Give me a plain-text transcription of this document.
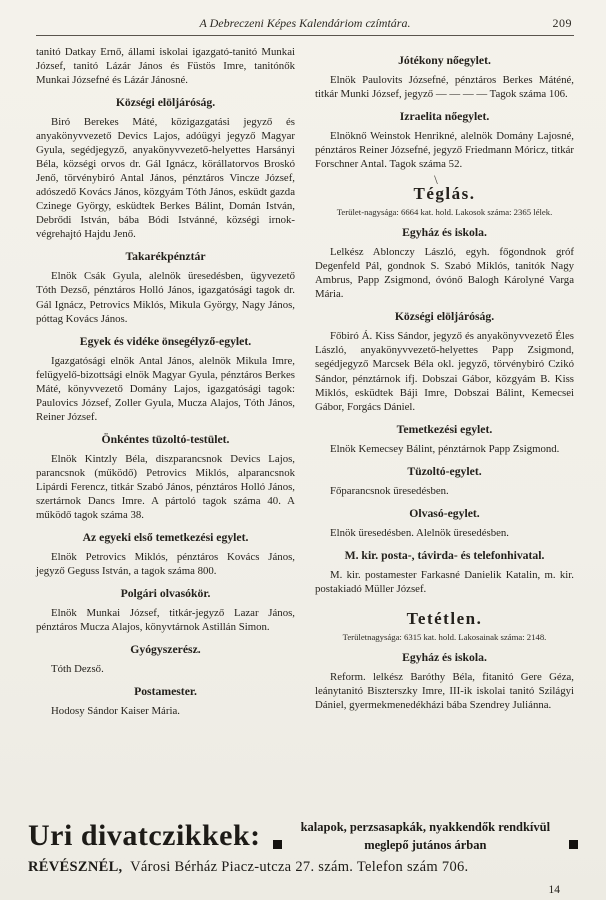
A Debreczeni Képes Kalendáriom czímtára.	209

tanitó Datkay Ernő, állami iskolai igazgató-tanitó Munkai József, tanitó Lázár János és Füstös Imre, tanitónők Munkai Józsefné és Lázár Jánosné.

Községi elöljáróság.

Biró Berekes Máté, közigazgatási jegyző és anyakönyvvezető Devics Lajos, adóügyi jegyző Magyar Gyula, segédjegyző, anyakönyvvezető-helyettes Harsányi Béla, községi orvos dr. Gál Ignácz, körállatorvos Broskó Jenő, törvénybiró Antal János, pénztáros Vincze József, adószedő Kovács János, közgyám Tóth János, esküdt gazda Czinege György, esküdtek Berkes Bálint, Domán István, Debrődi István, bába Bódi Istvánné, községi irnok-végrehajtó Hajdu Jenő.

Takarékpénztár

Elnök Csák Gyula, alelnök üresedésben, ügyvezető Tóth Dezső, pénztáros Holló János, igazgatósági tagok dr. Gál Ignácz, Petrovics Miklós, Mikula György, Nagy János, póttag Kovács János.

Egyek és vidéke önsegélyző-egylet.

Igazgatósági elnök Antal János, alelnök Mikula Imre, felügyelő-bizottsági elnök Magyar Gyula, pénztáros Berkes Máté, könyvvezető Domány Lajos, igazgatósági tagok: Paulovics József, Zoller Gyula, Mucza Alajos, Tóth János, Reiner József.

Önkéntes tüzoltó-testület.

Elnök Kintzly Béla, diszparancsnok Devics Lajos, parancsnok (működő) Petrovics Miklós, alparancsnok Lipárdi Ferencz, titkár Szabó János, pénztáros Holló János, szertárnok Dancs Imre. A pártoló tagok száma 40. A működő tagok száma 38.

Az egyeki első temetkezési egylet.

Elnök Petrovics Miklós, pénztáros Kovács János, jegyző Geguss István, a tagok száma 800.

Polgári olvasókör.

Elnök Munkai József, titkár-jegyző Lazar János, pénztáros Mucza Alajos, könyvtárnok Astillán Simon.

Gyógyszerész.

Tóth Dezső.

Postamester.

Hodosy Sándor Kaiser Mária.

Jótékony nőegylet.

Elnök Paulovits Józsefné, pénztáros Berkes Máténé, titkár Munki József, jegyző — — — — Tagok száma 106.

Izraelita nőegylet.

Elnöknő Weinstok Henrikné, alelnök Domány Lajosné, pénztáros Reiner Józsefné, jegyző Friedmann Móricz, titkár Forschner Antal. Tagok száma 52.

\
Téglás.
Terület-nagysága: 6664 kat. hold. Lakosok száma: 2365 lélek.
Egyház és iskola.

Lelkész Ablonczy László, egyh. főgondnok gróf Degenfeld Pál, gondnok S. Szabó Miklós, tanitók Nagy Ambrus, Papp Zsigmond, óvónő Balogh Károlyné Varga Mária.

Községi elöljáróság.

Főbiró Á. Kiss Sándor, jegyző és anyakönyvvezető Éles László, anyakönyvvezető-helyettes Papp Zsigmond, segédjegyző Marcsek Béla okl. jegyző, törvénybiró Czikó Sándor, pénztárnok ifj. Dobszai Gábor, közgyám B. Kiss Miklós, esküdtek Báji Imre, Dobszai Bálint, Kemecsei Gábor, Forgács Dániel.

Temetkezési egylet.

Elnök Kemecsey Bálint, pénztárnok Papp Zsigmond.

Tüzoltó-egylet.

Főparancsnok üresedésben.

Olvasó-egylet.

Elnök üresedésben. Alelnök üresedésben.

M. kir. posta-, távirda- és telefonhivatal.

M. kir. postamester Farkasné Danielik Katalin, m. kir. postakiadó Müller József.

Tetétlen.
Területnagysága: 6315 kat. hold. Lakosainak száma: 2148.
Egyház és iskola.

Reform. lelkész Baróthy Béla, fitanitó Gere Géza, leánytanitó Biszterszky Imre, III-ik iskolai tanitó Szilágyi Dániel, gyermekmenedékházi bába Szendrey Juliánna.

Uri divatczikkek:	kalapok, perzsasapkák, nyakkendők rendkívül
meglepő jutános árban
RÉVÉSZNÉL, Városi Bérház Piacz-utcza 27. szám. Telefon szám 706.
14
